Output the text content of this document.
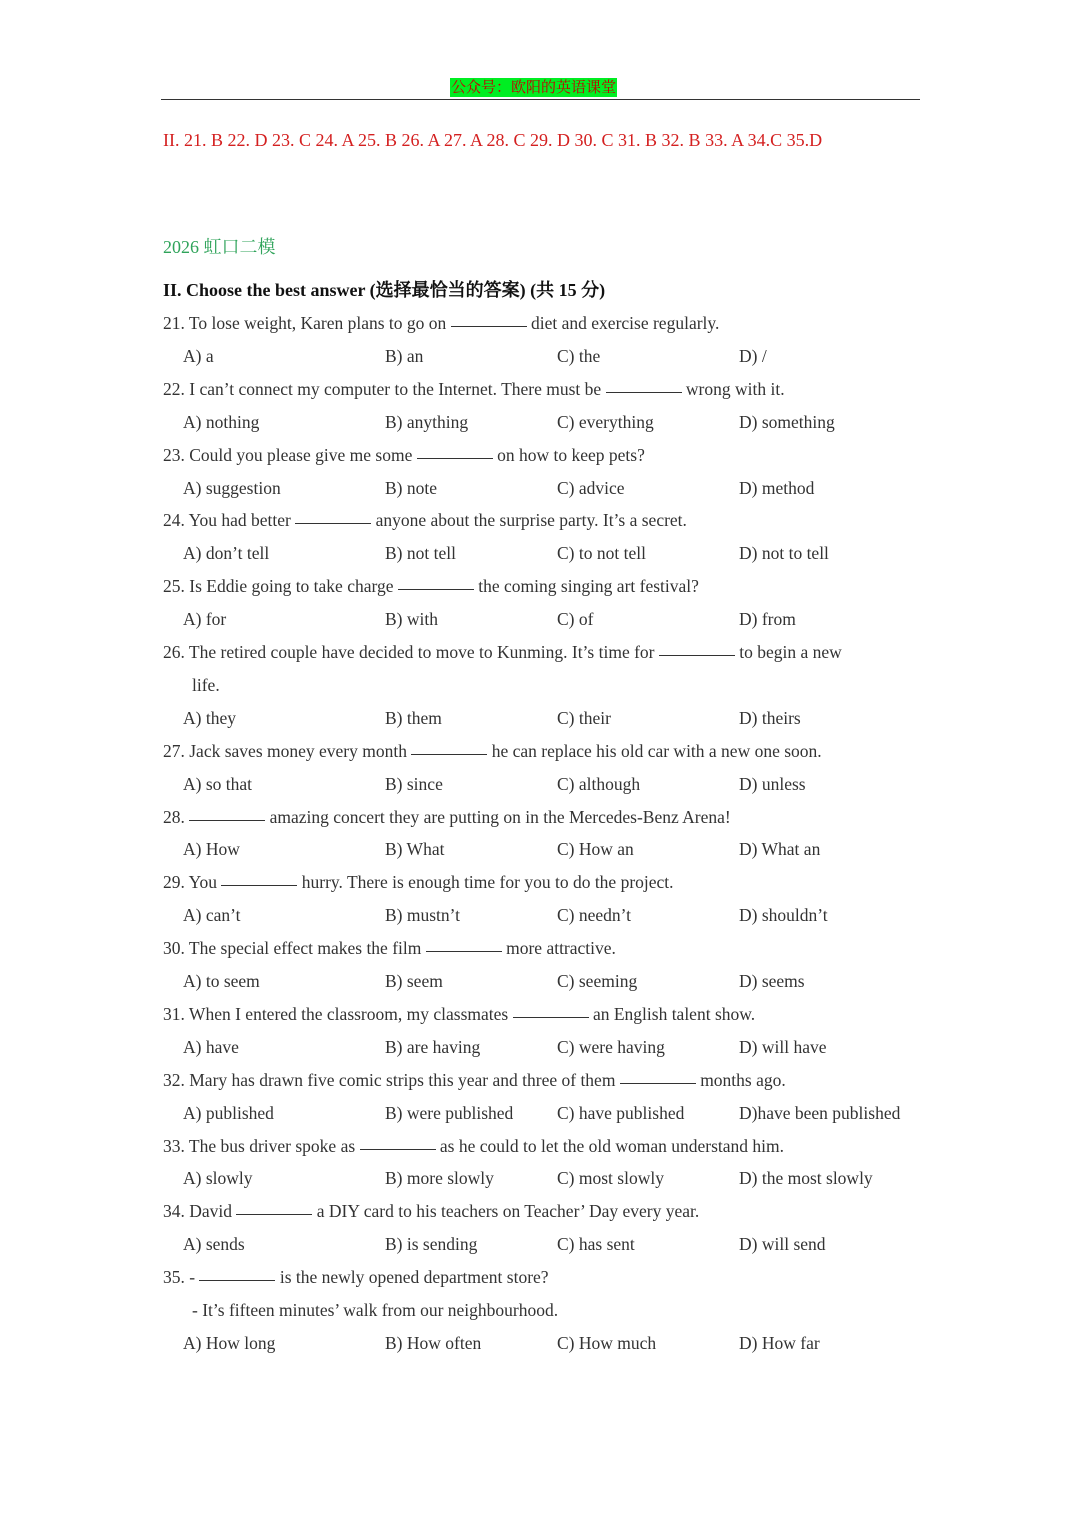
公众号：欧阳的英语课堂
II. 21. B 22. D 23. C 24. A 25. B 26. A 27. A 28. C 29. D 30. C 31. B 32. B 33. A 34.C 35.D
2026 虹口二模
II. Choose the best answer (选择最恰当的答案) (共 15 分)
21. To lose weight, Karen plans to go on	diet and exercise regularly.
A) a	B) an	C) the	D) /
22. I can’t connect my computer to the Internet. There must be	wrong with it.
A) nothing	B) anything	C) everything	D) something
23. Could you please give me some	on how to keep pets?
A) suggestion	B) note	C) advice	D) method
24. You had better	anyone about the surprise party. It’s a secret.
A) don’t tell	B) not tell	C) to not tell	D) not to tell
25. Is Eddie going to take charge	the coming singing art festival?
A) for	B) with	C) of	D) from
26. The retired couple have decided to move to Kunming. It’s time for	to begin a new
life.
A) they	B) them	C) their	D) theirs
27. Jack saves money every month	he can replace his old car with a new one soon.
A) so that	B) since	C) although	D) unless
28.	amazing concert they are putting on in the Mercedes-Benz Arena!
A) How	B) What	C) How an	D) What an
29. You	hurry. There is enough time for you to do the project.
A) can’t	B) mustn’t	C) needn’t	D) shouldn’t
30. The special effect makes the film	more attractive.
A) to seem	B) seem	C) seeming	D) seems
31. When I entered the classroom, my classmates	an English talent show.
A) have	B) are having	C) were having	D) will have
32. Mary has drawn five comic strips this year and three of them	months ago.
A) published	B) were published C) have published	D)have been published
33. The bus driver spoke as	as he could to let the old woman understand him.
A) slowly	B) more slowly	C) most slowly	D) the most slowly
34. David	a DIY card to his teachers on Teacher’ Day every year.
A) sends	B) is sending	C) has sent	D) will send
35. -	is the newly opened department store?
- It’s fifteen minutes’ walk from our neighbourhood.
A) How long	B) How often	C) How much	D) How far
